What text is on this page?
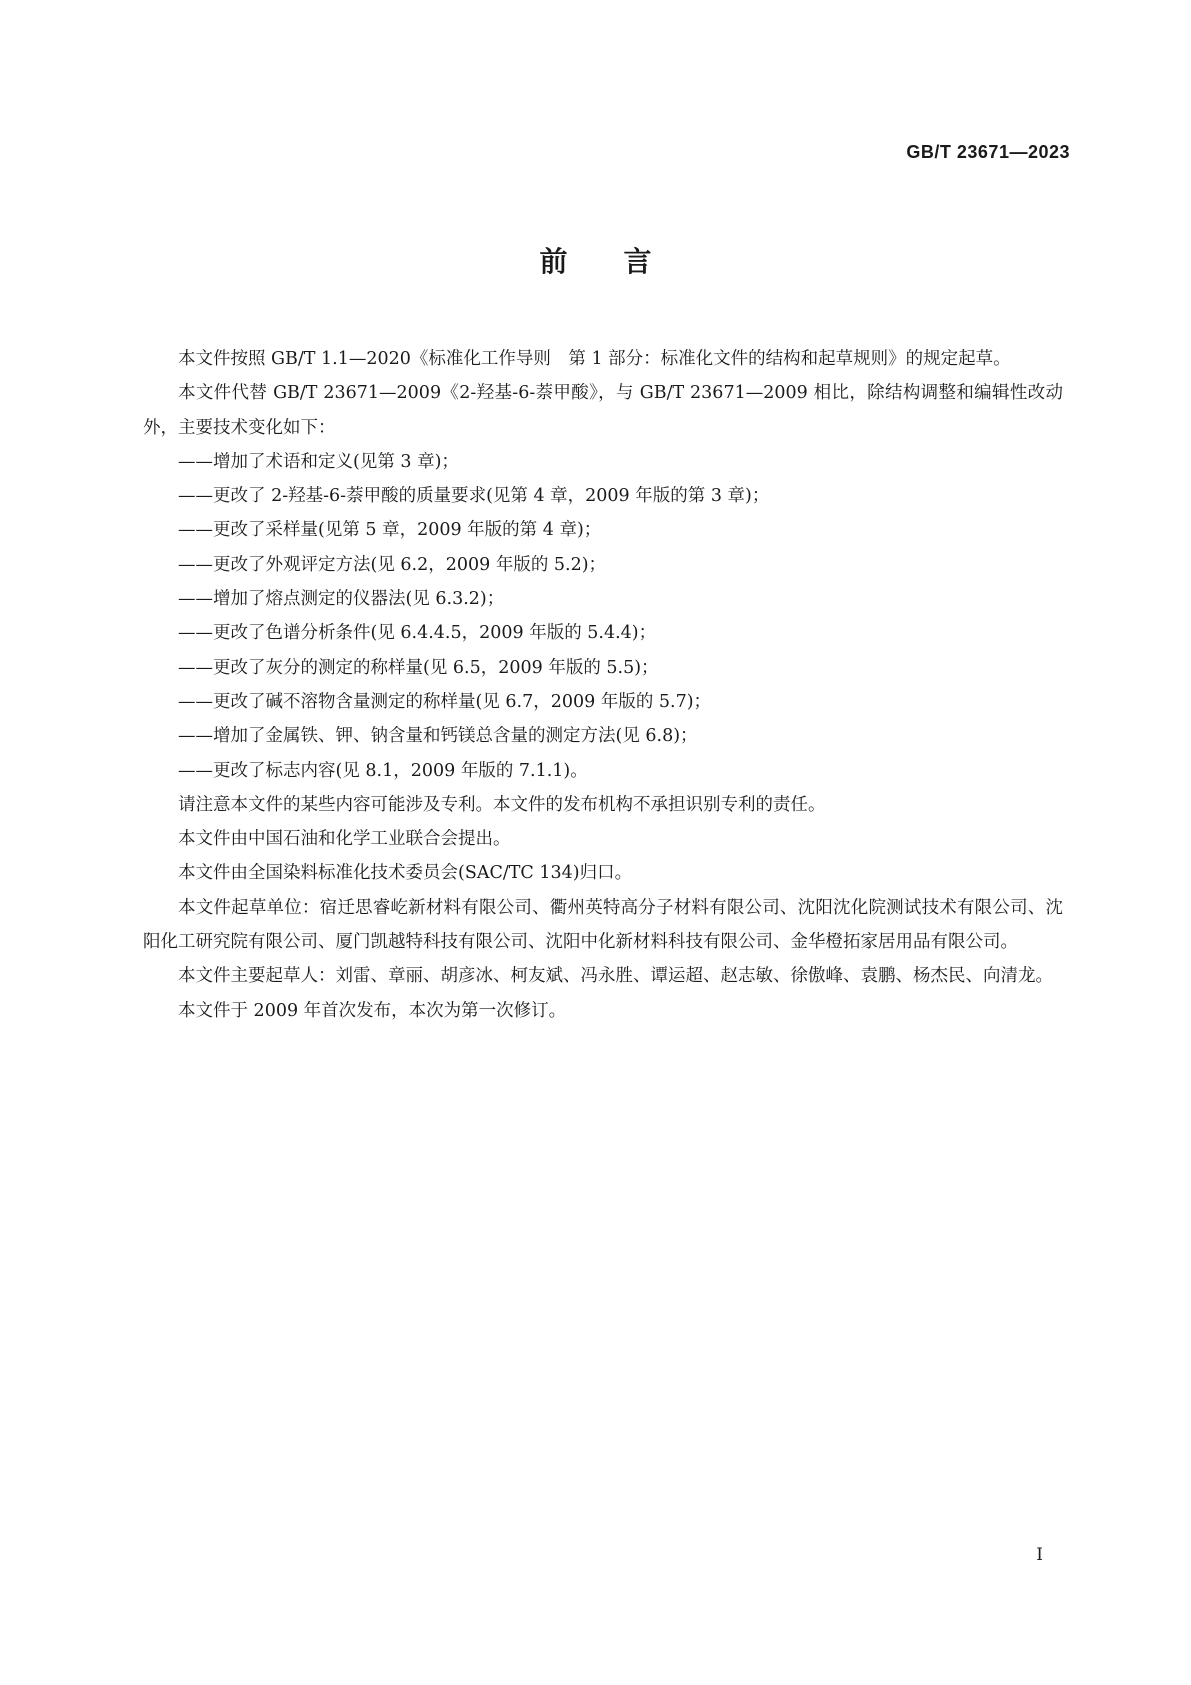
GB/T 23671—2023
前言

本文件按照 GB/T 1.1—2020《标准化工作导则　第 1 部分：标准化文件的结构和起草规则》的规定起草。

本文件代替 GB/T 23671—2009《2-羟基-6-萘甲酸》，与 GB/T 23671—2009 相比，除结构调整和编辑性改动外，主要技术变化如下：

——增加了术语和定义(见第 3 章)；

——更改了 2-羟基-6-萘甲酸的质量要求(见第 4 章，2009 年版的第 3 章)；

——更改了采样量(见第 5 章，2009 年版的第 4 章)；

——更改了外观评定方法(见 6.2，2009 年版的 5.2)；

——增加了熔点测定的仪器法(见 6.3.2)；

——更改了色谱分析条件(见 6.4.4.5，2009 年版的 5.4.4)；

——更改了灰分的测定的称样量(见 6.5，2009 年版的 5.5)；

——更改了碱不溶物含量测定的称样量(见 6.7，2009 年版的 5.7)；

——增加了金属铁、钾、钠含量和钙镁总含量的测定方法(见 6.8)；

——更改了标志内容(见 8.1，2009 年版的 7.1.1)。

请注意本文件的某些内容可能涉及专利。本文件的发布机构不承担识别专利的责任。

本文件由中国石油和化学工业联合会提出。

本文件由全国染料标准化技术委员会(SAC/TC 134)归口。

本文件起草单位：宿迁思睿屹新材料有限公司、衢州英特高分子材料有限公司、沈阳沈化院测试技术有限公司、沈阳化工研究院有限公司、厦门凯越特科技有限公司、沈阳中化新材料科技有限公司、金华橙拓家居用品有限公司。

本文件主要起草人：刘雷、章丽、胡彦冰、柯友斌、冯永胜、谭运超、赵志敏、徐傲峰、袁鹏、杨杰民、向清龙。

本文件于 2009 年首次发布，本次为第一次修订。

I
